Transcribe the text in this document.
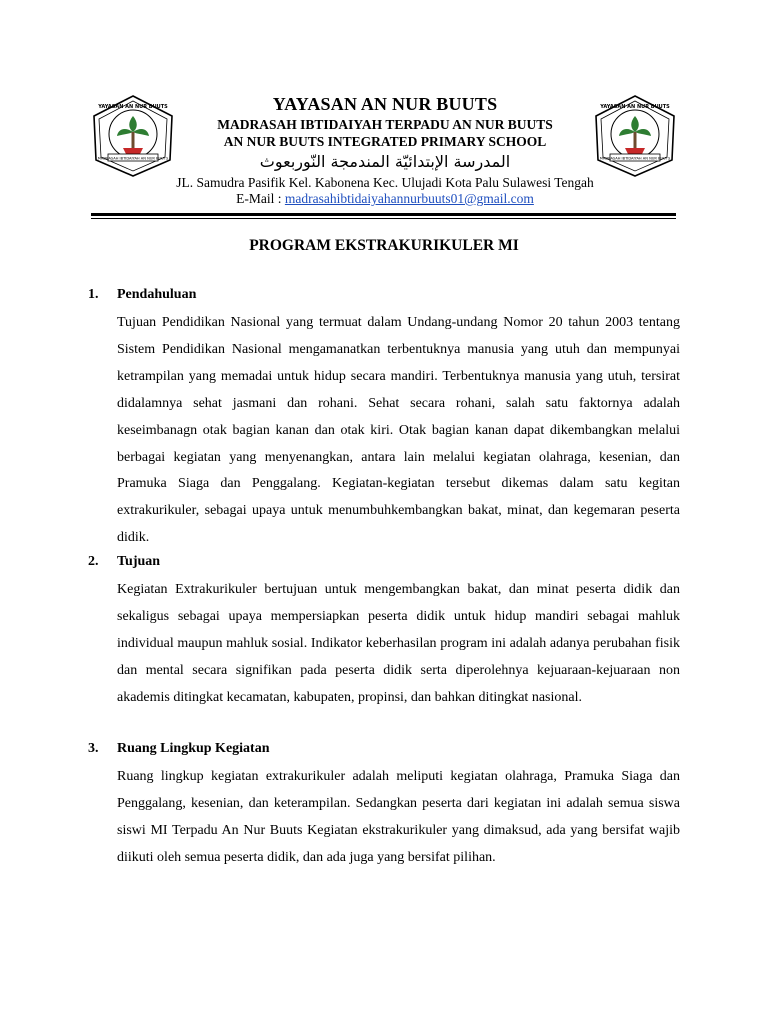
MADRASAH IBTIDAIYAH AN NUR BUUTS
YAYASAN AN NUR BUUTS	YAYASAN AN NUR BUUTS
MADRASAH IBTIDAIYAH TERPADU AN NUR BUUTS
AN NUR BUUTS INTEGRATED PRIMARY SCHOOL
المدرسة الإبتدائيّة المندمجة النّوربعوث
JL. Samudra Pasifik Kel. Kabonena Kec. Ulujadi Kota Palu Sulawesi Tengah
E-Mail : madrasahibtidaiyahannurbuuts01@gmail.com
MADRASAH IBTIDAIYAH AN NUR BUUTS
YAYASAN AN NUR BUUTS
PROGRAM EKSTRAKURIKULER MI
1. Pendahuluan
Tujuan Pendidikan Nasional yang termuat dalam Undang-undang Nomor 20 tahun 2003 tentang Sistem Pendidikan Nasional mengamanatkan terbentuknya manusia yang utuh dan mempunyai ketrampilan yang memadai untuk hidup secara mandiri. Terbentuknya manusia yang utuh, tersirat didalamnya sehat jasmani dan rohani. Sehat secara rohani, salah satu faktornya adalah keseimbanagn otak bagian kanan dan otak kiri. Otak bagian kanan dapat dikembangkan melalui berbagai kegiatan yang menyenangkan, antara lain melalui kegiatan olahraga, kesenian, dan Pramuka Siaga dan Penggalang. Kegiatan-kegiatan tersebut dikemas dalam satu kegitan extrakurikuler, sebagai upaya untuk menumbuhkembangkan bakat, minat, dan kegemaran peserta didik.
2. Tujuan
Kegiatan Extrakurikuler bertujuan untuk mengembangkan bakat, dan minat peserta didik dan sekaligus sebagai upaya mempersiapkan peserta didik untuk hidup mandiri sebagai mahluk individual maupun mahluk sosial. Indikator keberhasilan program ini adalah adanya perubahan fisik dan mental secara signifikan pada peserta didik serta diperolehnya kejuaraan-kejuaraan non akademis ditingkat kecamatan, kabupaten, propinsi, dan bahkan ditingkat nasional.
3. Ruang Lingkup Kegiatan
Ruang lingkup kegiatan extrakurikuler adalah meliputi kegiatan olahraga, Pramuka Siaga dan Penggalang, kesenian, dan keterampilan. Sedangkan peserta dari kegiatan ini adalah semua siswa siswi MI Terpadu An Nur Buuts Kegiatan ekstrakurikuler yang dimaksud, ada yang bersifat wajib diikuti oleh semua peserta didik, dan ada juga yang bersifat pilihan.
